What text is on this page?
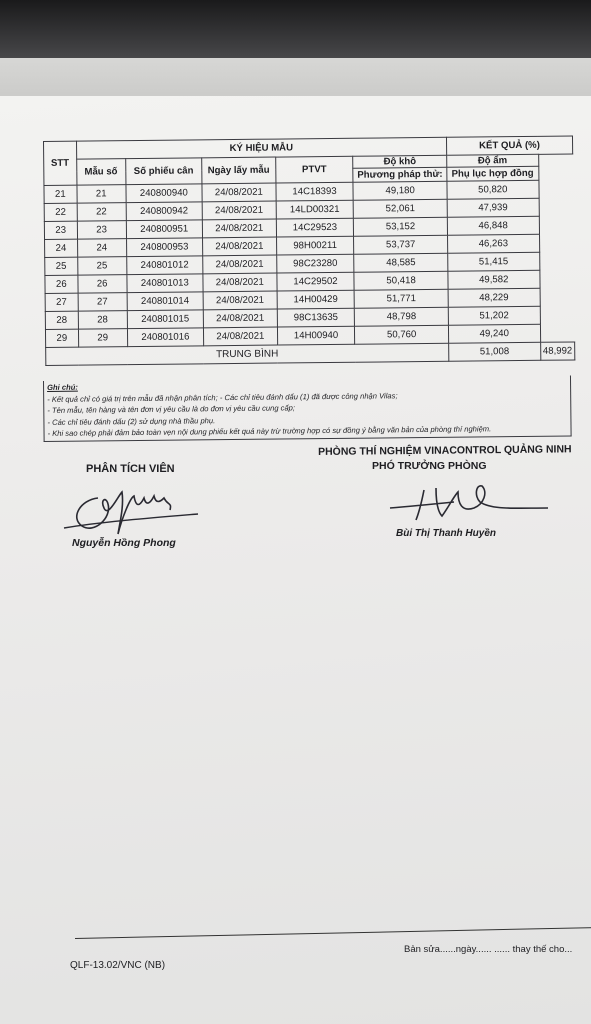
STT	KÝ HIỆU MẪU					KẾT QUẢ (%)	
	Mẫu số	Số phiếu cân	Ngày lấy mẫu	PTVT	Độ khô	Độ ẩm	
					Phương pháp thử:	Phụ lục hợp đồng	
21	21	240800940	24/08/2021	14C18393	49,180	50,820	
22	22	240800942	24/08/2021	14LD00321	52,061	47,939	
23	23	240800951	24/08/2021	14C29523	53,152	46,848	
24	24	240800953	24/08/2021	98H00211	53,737	46,263	
25	25	240801012	24/08/2021	98C23280	48,585	51,415	
26	26	240801013	24/08/2021	14C29502	50,418	49,582	
27	27	240801014	24/08/2021	14H00429	51,771	48,229	
28	28	240801015	24/08/2021	98C13635	48,798	51,202	
29	29	240801016	24/08/2021	14H00940	50,760	49,240	
TRUNG BÌNH						51,008	48,992
Ghi chú:
- Kết quả chỉ có giá trị trên mẫu đã nhận phân tích; - Các chỉ tiêu đánh dấu (1) đã được công nhận Vilas;
- Tên mẫu, tên hàng và tên đơn vị yêu cầu là do đơn vị yêu cầu cung cấp;
- Các chỉ tiêu đánh dấu (2) sử dụng nhà thầu phụ.
- Khi sao chép phải đảm bảo toàn vẹn nội dung phiếu kết quả này trừ trường hợp có sự đồng ý bằng văn bản của phòng thí nghiệm.
PHÒNG THÍ NGHIỆM VINACONTROL QUẢNG NINH
PHÓ TRƯỞNG PHÒNG
PHÂN TÍCH VIÊN
Nguyễn Hồng Phong
Bùi Thị Thanh Huyền
Bản sửa......ngày...... ...... thay thế cho...
QLF-13.02/VNC (NB)
